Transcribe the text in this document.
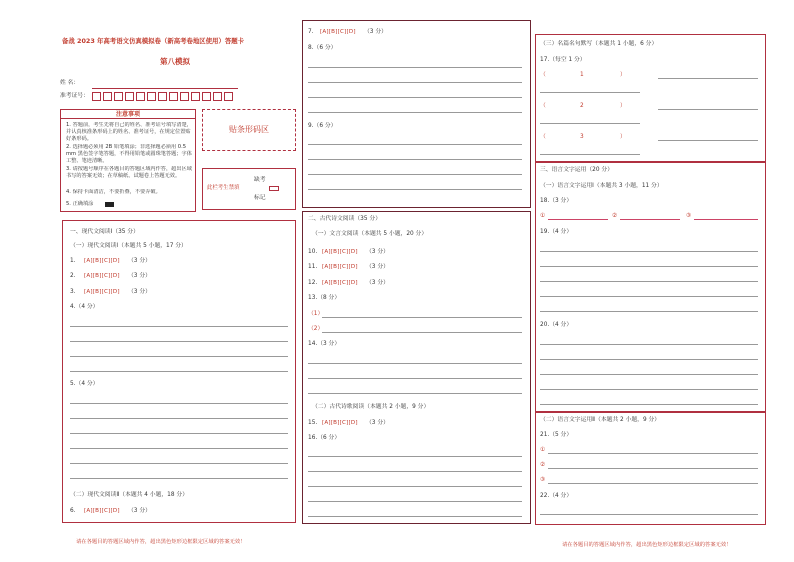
备战 2023 年高考语文仿真模拟卷（新高考卷地区使用）答题卡
第八模拟
姓 名：
准考证号：
注意事项
1. 答题前，考生先将自己的姓名、准考证号填写清楚，并认真核准条形码上的姓名、准考证号，在规定位置贴好条形码。
2. 选择题必须用 2B 铅笔填涂；非选择题必须用 0.5 mm 黑色签字笔答题，不得用铅笔或圆珠笔答题；字体工整、笔迹清晰。
3. 请按题号顺序在各题目的答题区域内作答，超出区域书写的答案无效；在草稿纸、试题卷上答题无效。
4. 保持卡面清洁，不要折叠，不要弄破。
5. 正确填涂
贴条形码区
此栏考生禁填
缺考
标记
一、现代文阅读Ⅰ（35 分）
（一）现代文阅读Ⅰ（本题共 5 小题，17 分）
1. [A][B][C][D] （3 分）
2. [A][B][C][D] （3 分）
3. [A][B][C][D] （3 分）
4.（4 分）
5.（4 分）
（二）现代文阅读Ⅱ（本题共 4 小题，18 分）
6. [A][B][C][D] （3 分）
请在各题目的答题区域内作答，超出黑色矩形边框限定区域的答案无效！
7. [A][B][C][D] （3 分）
8.（6 分）
9.（6 分）
二、古代诗文阅读（35 分）
（一）文言文阅读（本题共 5 小题，20 分）
10. [A][B][C][D] （3 分）
11. [A][B][C][D] （3 分）
12. [A][B][C][D] （3 分）
13.（8 分）
（1）
（2）
14.（3 分）
（二）古代诗歌阅读（本题共 2 小题，9 分）
15. [A][B][C][D] （3 分）
16.（6 分）
（三）名篇名句默写（本题共 1 小题，6 分）
17.（每空 1 分）
（	1	）
（	2	）
（	3	）
三、语言文字运用（20 分）
（一）语言文字运用Ⅰ（本题共 3 小题，11 分）
18.（3 分）
①	②	③
19.（4 分）
20.（4 分）
（二）语言文字运用Ⅱ（本题共 2 小题，9 分）
21.（5 分）
①
②
③
22.（4 分）
请在各题目的答题区域内作答，超出黑色矩形边框限定区域的答案无效！
